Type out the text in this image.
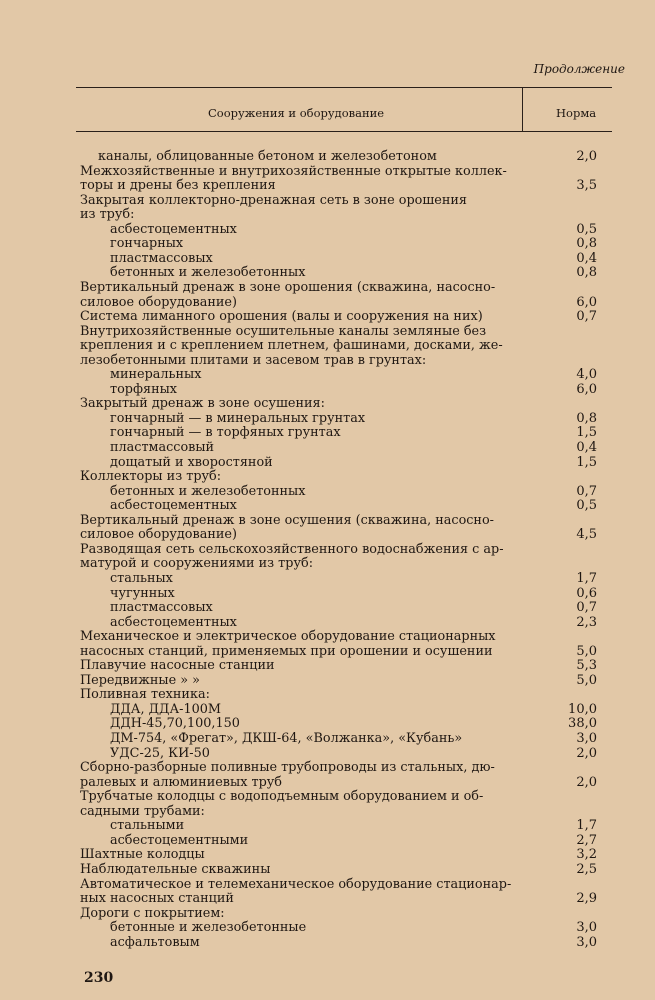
Продолжение
Сооружения и оборудование	Норма
каналы, облицованные бетоном и железобетоном	2,0
Межхозяйственные и внутрихозяйственные открытые коллек-
торы и дрены без крепления	3,5
Закрытая коллекторно-дренажная сеть в зоне орошения
из труб:
асбестоцементных	0,5
гончарных	0,8
пластмассовых	0,4
бетонных и железобетонных	0,8
Вертикальный дренаж в зоне орошения (скважина, насосно-
силовое оборудование)	6,0
Система лиманного орошения (валы и сооружения на них)	0,7
Внутрихозяйственные осушительные каналы земляные без
крепления и с креплением плетнем, фашинами, досками, же-
лезобетонными плитами и засевом трав в грунтах:
минеральных	4,0
торфяных	6,0
Закрытый дренаж в зоне осушения:
гончарный — в минеральных грунтах	0,8
гончарный — в торфяных грунтах	1,5
пластмассовый	0,4
дощатый и хворостяной	1,5
Коллекторы из труб:
бетонных и железобетонных	0,7
асбестоцементных	0,5
Вертикальный дренаж в зоне осушения (скважина, насосно-
силовое оборудование)	4,5
Разводящая сеть сельскохозяйственного водоснабжения с ар-
матурой и сооружениями из труб:
стальных	1,7
чугунных	0,6
пластмассовых	0,7
асбестоцементных	2,3
Механическое и электрическое оборудование стационарных
насосных станций, применяемых при орошении и осушении	5,0
Плавучие насосные станции	5,3
Передвижные » »	5,0
Поливная техника:
ДДА, ДДА-100М	10,0
ДДН-45,70,100,150	38,0
ДМ-754, «Фрегат», ДКШ-64, «Волжанка», «Кубань»	3,0
УДС-25, КИ-50	2,0
Сборно-разборные поливные трубопроводы из стальных, дю-
ралевых и алюминиевых труб	2,0
Трубчатые колодцы с водоподъемным оборудованием и об-
садными трубами:
стальными	1,7
асбестоцементными	2,7
Шахтные колодцы	3,2
Наблюдательные скважины	2,5
Автоматическое и телемеханическое оборудование стационар-
ных насосных станций	2,9
Дороги с покрытием:
бетонные и железобетонные	3,0
асфальтовым	3,0
230
